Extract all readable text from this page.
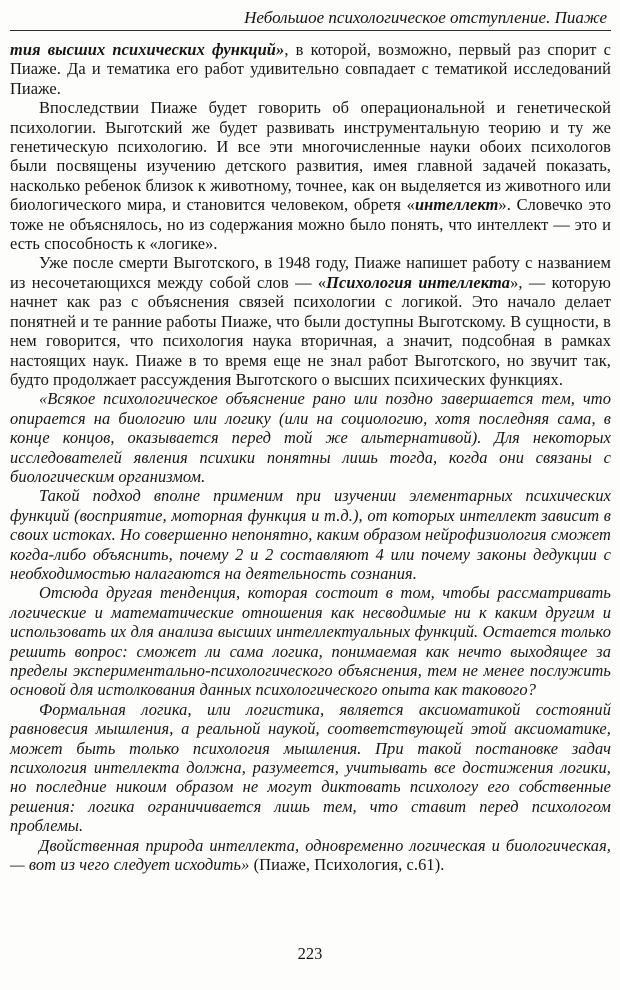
Небольшое психологическое отступление. Пиаже

тия высших психических функций», в которой, возможно, первый раз спорит с Пиаже. Да и тематика его работ удивительно совпадает с тематикой исследований Пиаже.

Впоследствии Пиаже будет говорить об операциональной и генетической психологии. Выготский же будет развивать инструментальную теорию и ту же генетическую психологию. И все эти многочисленные науки обоих психологов были посвящены изучению детского развития, имея главной задачей показать, насколько ребенок близок к животному, точнее, как он выделяется из животного или биологического мира, и становится человеком, обретя «интеллект». Словечко это тоже не объяснялось, но из содержания можно было понять, что интеллект — это и есть способность к «логике».

Уже после смерти Выготского, в 1948 году, Пиаже напишет работу с названием из несочетающихся между собой слов — «Психология интеллекта», — которую начнет как раз с объяснения связей психологии с логикой. Это начало делает понятней и те ранние работы Пиаже, что были доступны Выготскому. В сущности, в нем говорится, что психология наука вторичная, а значит, подсобная в рамках настоящих наук. Пиаже в то время еще не знал работ Выготского, но звучит так, будто продолжает рассуждения Выготского о высших психических функциях.

«Всякое психологическое объяснение рано или поздно завершается тем, что опирается на биологию или логику (или на социологию, хотя последняя сама, в конце концов, оказывается перед той же альтернативой). Для некоторых исследователей явления психики понятны лишь тогда, когда они связаны с биологическим организмом.

Такой подход вполне применим при изучении элементарных психических функций (восприятие, моторная функция и т.д.), от которых интеллект зависит в своих истоках. Но совершенно непонятно, каким образом нейрофизиология сможет когда-либо объяснить, почему 2 и 2 составляют 4 или почему законы дедукции с необходимостью налагаются на деятельность сознания.

Отсюда другая тенденция, которая состоит в том, чтобы рассматривать логические и математические отношения как несводимые ни к каким другим и использовать их для анализа высших интеллектуальных функций. Остается только решить вопрос: сможет ли сама логика, понимаемая как нечто выходящее за пределы экспериментально-психологического объяснения, тем не менее послужить основой для истолкования данных психологического опыта как такового?

Формальная логика, или логистика, является аксиоматикой состояний равновесия мышления, а реальной наукой, соответствующей этой аксиоматике, может быть только психология мышления. При такой постановке задач психология интеллекта должна, разумеется, учитывать все достижения логики, но последние никоим образом не могут диктовать психологу его собственные решения: логика ограничивается лишь тем, что ставит перед психологом проблемы.

Двойственная природа интеллекта, одновременно логическая и биологическая, — вот из чего следует исходить» (Пиаже, Психология, с.61).

223
